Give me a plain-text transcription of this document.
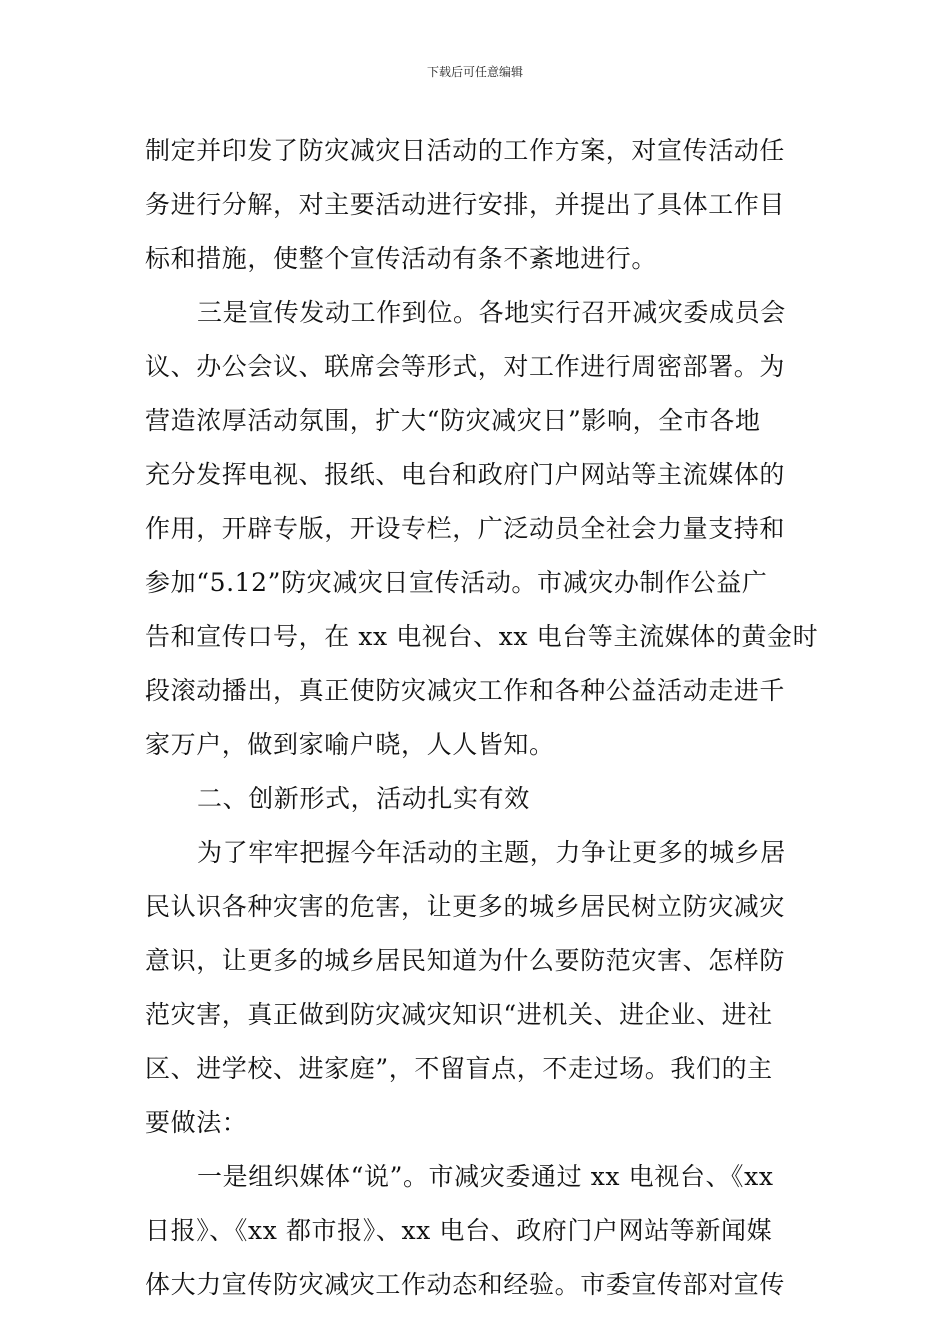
下载后可任意编辑
制定并印发了防灾减灾日活动的工作方案，对宣传活动任
务进行分解，对主要活动进行安排，并提出了具体工作目
标和措施，使整个宣传活动有条不紊地进行。
三是宣传发动工作到位。各地实行召开减灾委成员会
议、办公会议、联席会等形式，对工作进行周密部署。为
营造浓厚活动氛围，扩大“防灾减灾日”影响，全市各地
充分发挥电视、报纸、电台和政府门户网站等主流媒体的
作用，开辟专版，开设专栏，广泛动员全社会力量支持和
参加“5.12”防灾减灾日宣传活动。市减灾办制作公益广
告和宣传口号，在 xx 电视台、xx 电台等主流媒体的黄金时
段滚动播出，真正使防灾减灾工作和各种公益活动走进千
家万户，做到家喻户晓，人人皆知。
二、创新形式，活动扎实有效
为了牢牢把握今年活动的主题，力争让更多的城乡居
民认识各种灾害的危害，让更多的城乡居民树立防灾减灾
意识，让更多的城乡居民知道为什么要防范灾害、怎样防
范灾害，真正做到防灾减灾知识“进机关、进企业、进社
区、进学校、进家庭”，不留盲点，不走过场。我们的主
要做法：
一是组织媒体“说”。市减灾委通过 xx 电视台、《xx
日报》、《xx 都市报》、xx 电台、政府门户网站等新闻媒
体大力宣传防灾减灾工作动态和经验。市委宣传部对宣传
